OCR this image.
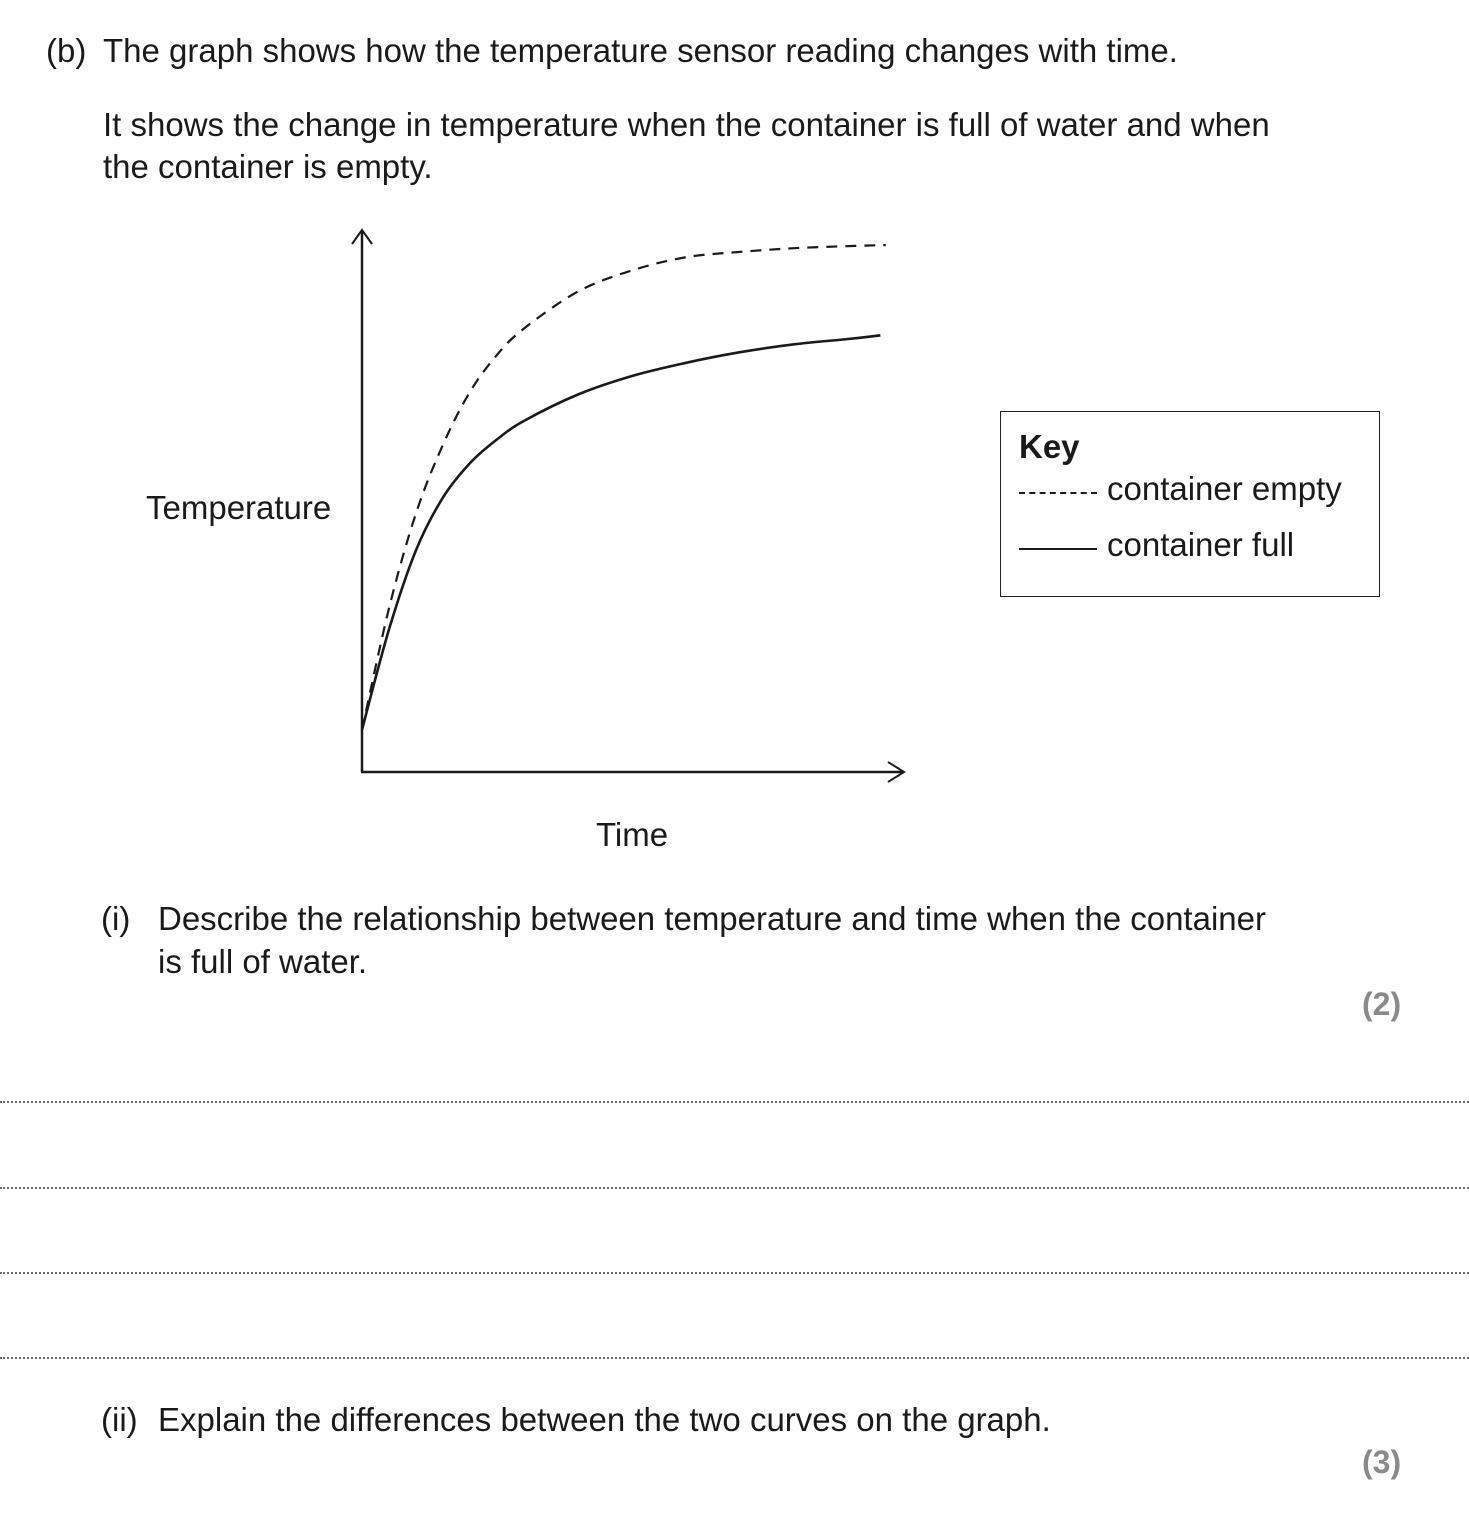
(b) The graph shows how the temperature sensor reading changes with time.
It shows the change in temperature when the container is full of water and when
the container is empty.
Temperature
Time
Key
container empty
container full
(i) Describe the relationship between temperature and time when the container
is full of water.
(2)
(ii) Explain the differences between the two curves on the graph.
(3)
